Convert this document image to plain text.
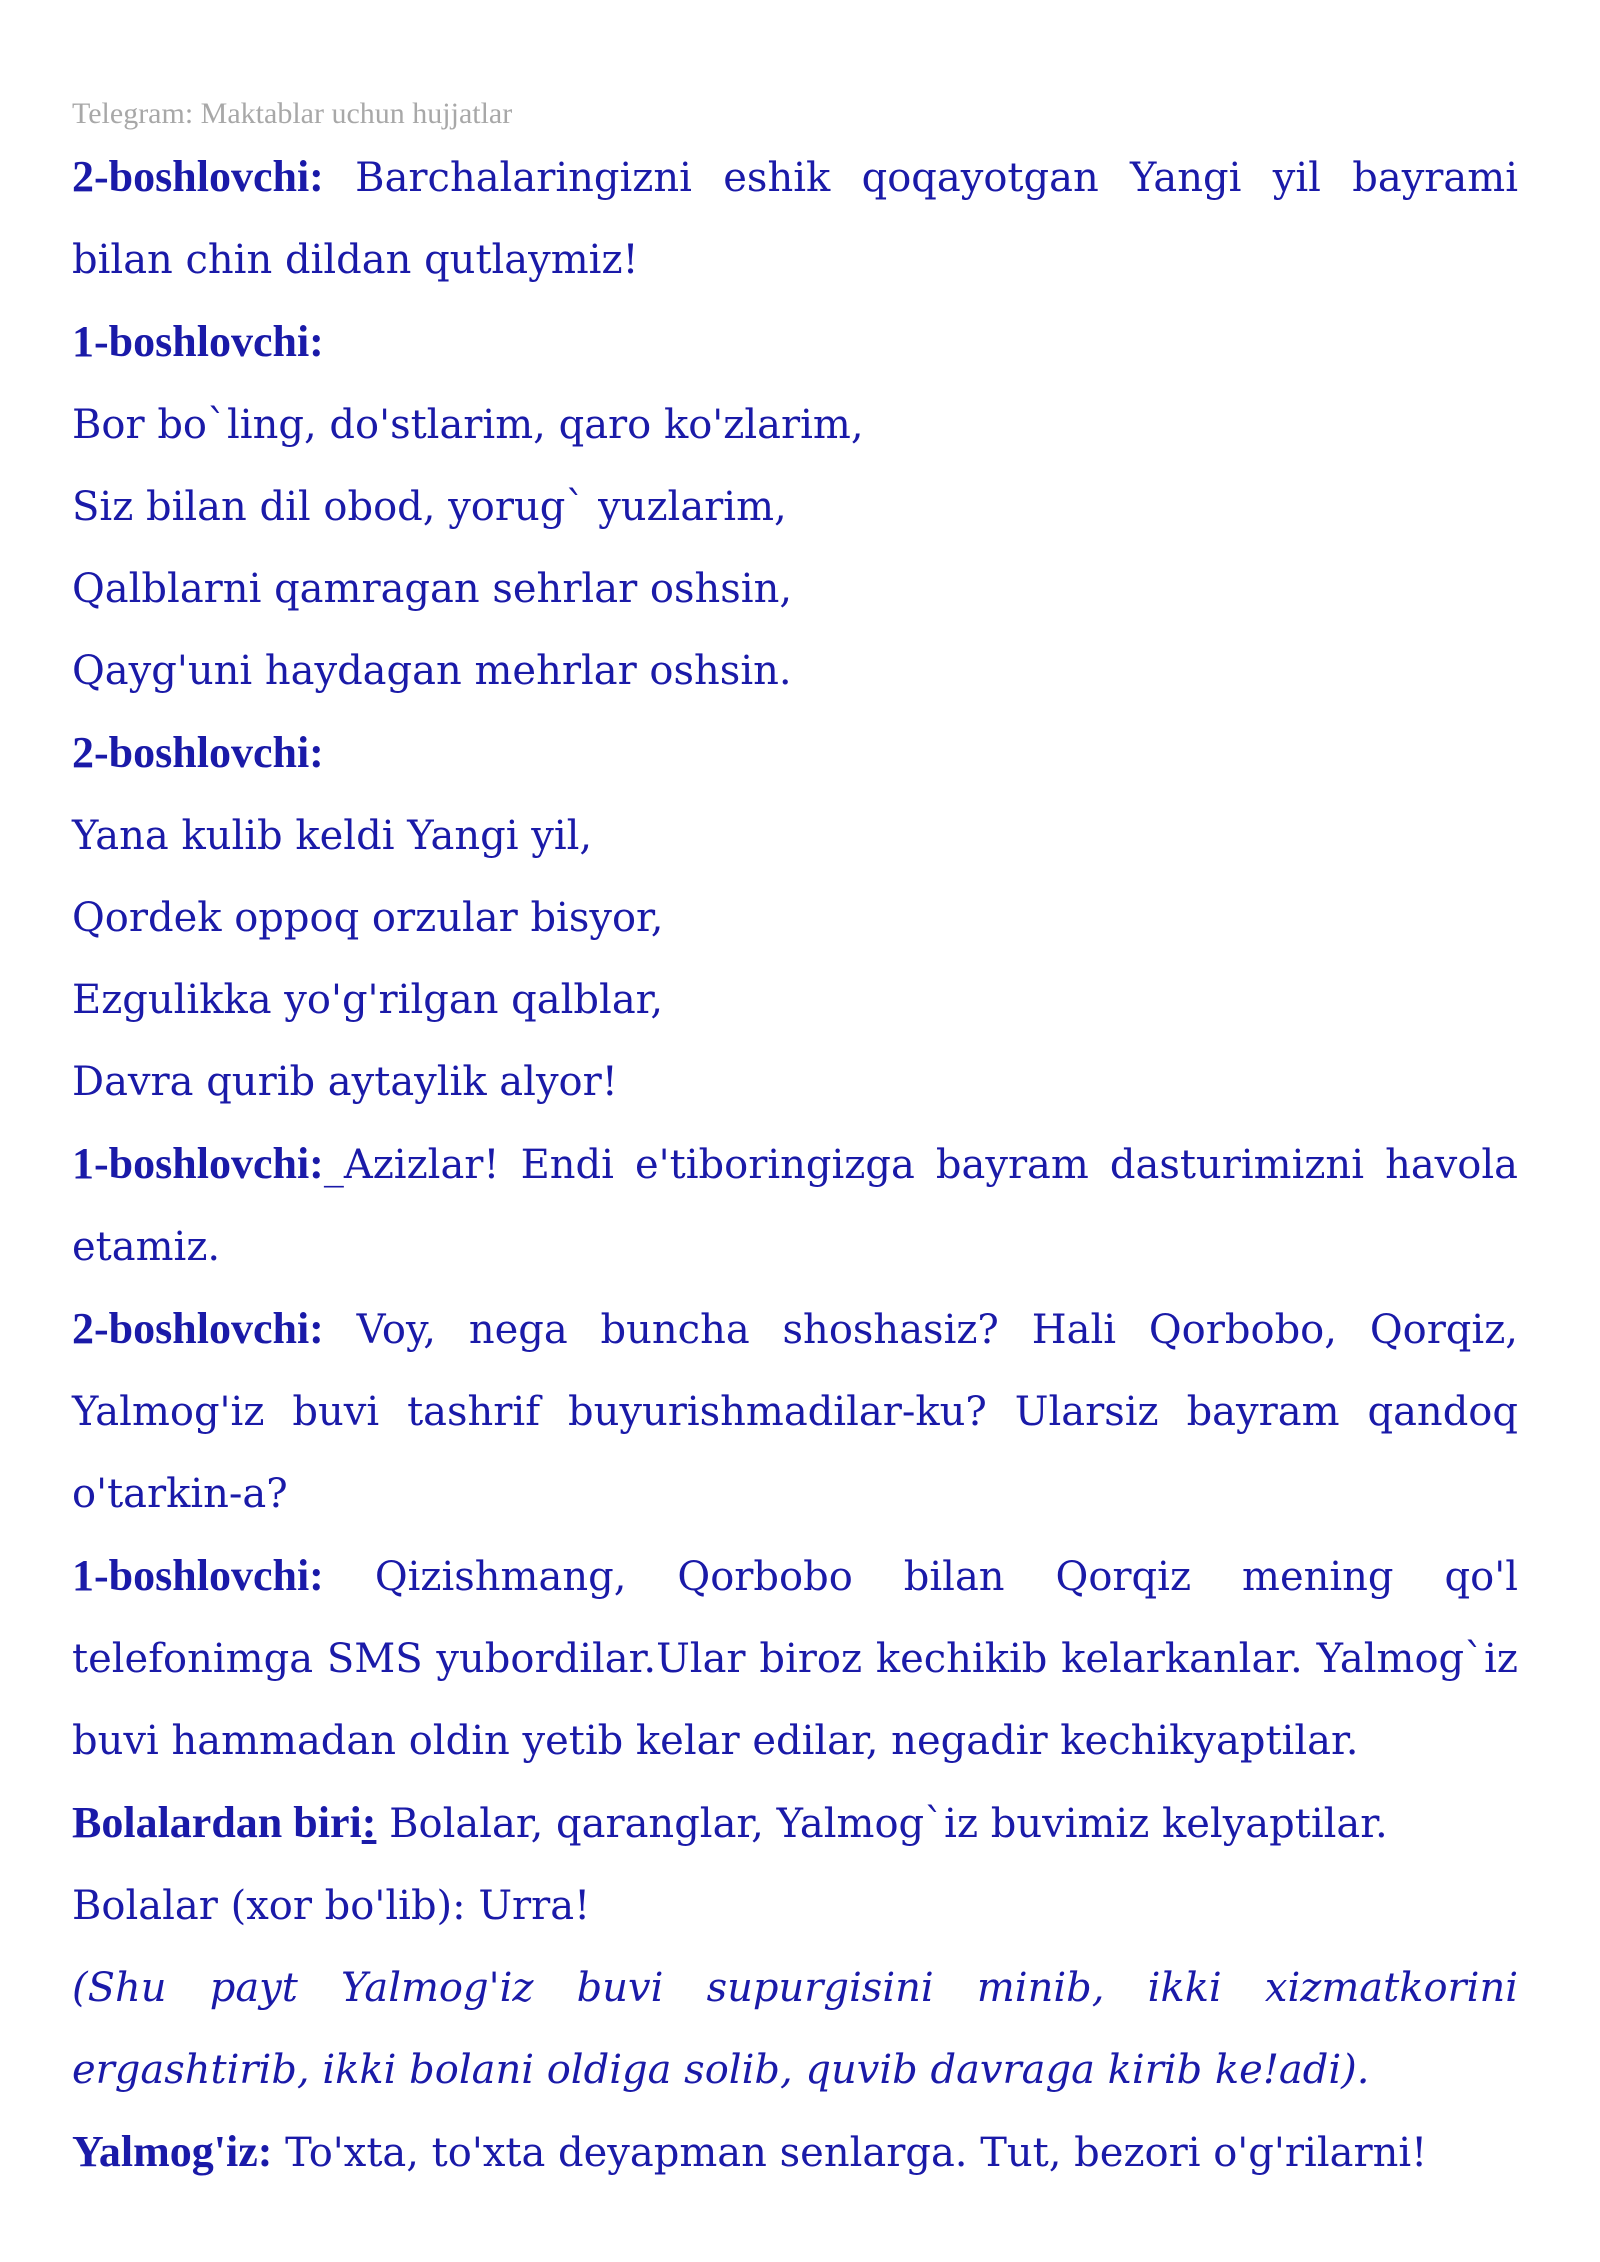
Telegram: Maktablar uchun hujjatlar

2-boshlovchi: Barchalaringizni eshik qoqayotgan Yangi yil bayrami bilan chin dildan qutlaymiz!

1-boshlovchi:

Bor bo`ling, do'stlarim, qaro ko'zlarim,

Siz bilan dil obod, yorug` yuzlarim,

Qalblarni qamragan sehrlar oshsin,

Qayg'uni haydagan mehrlar oshsin.

2-boshlovchi:

Yana kulib keldi Yangi yil,

Qordek oppoq orzular bisyor,

Ezgulikka yo'g'rilgan qalblar,

Davra qurib aytaylik alyor!

1-boshlovchi:_Azizlar! Endi e'tiboringizga bayram dasturimizni havola etamiz.

2-boshlovchi: Voy, nega buncha shoshasiz? Hali Qorbobo, Qorqiz, Yalmog'iz buvi tashrif buyurishmadilar-ku? Ularsiz bayram qandoq o'tarkin-a?

1-boshlovchi: Qizishmang, Qorbobo bilan Qorqiz mening qo'l telefonimga SMS yubordilar.Ular biroz kechikib kelarkanlar. Yalmog`iz buvi hammadan oldin yetib kelar edilar, negadir kechikyaptilar.

Bolalardan biri: Bolalar, qaranglar, Yalmog`iz buvimiz kelyaptilar.

Bolalar (xor bo'lib): Urra!

(Shu payt Yalmog'iz buvi supurgisini minib, ikki xizmatkorini ergashtirib, ikki bolani oldiga solib, quvib davraga kirib ke!adi).

Yalmog'iz: To'xta, to'xta deyapman senlarga. Tut, bezori o'g'rilarni!
